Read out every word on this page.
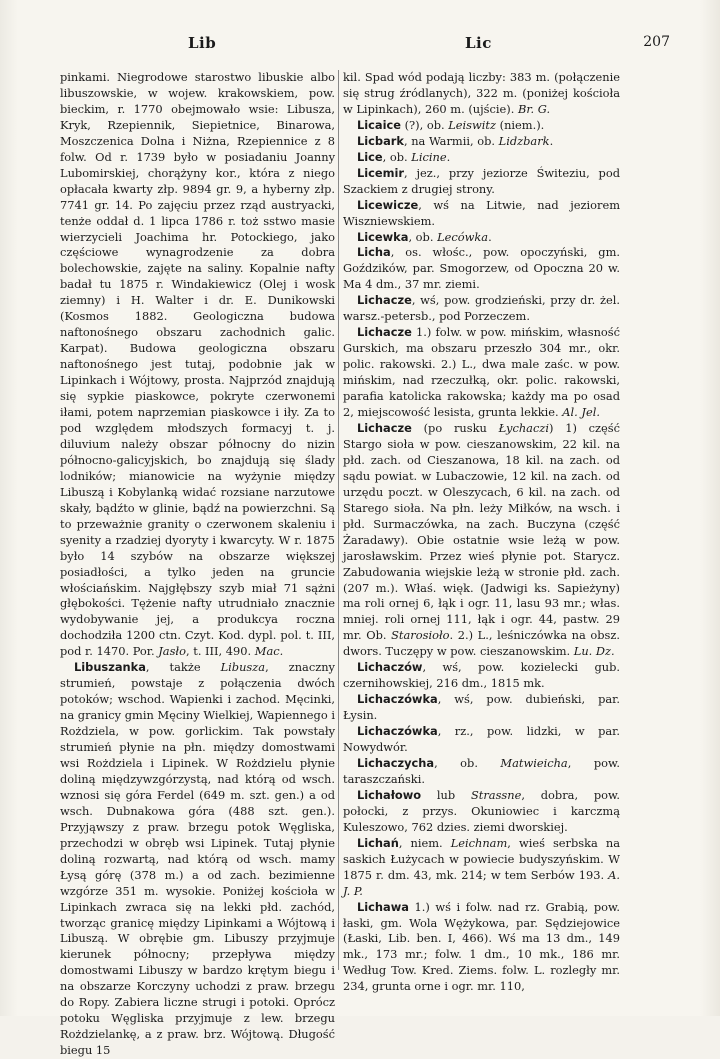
Lib	Lic	207

pinkami. Niegrodowe starostwo libuskie albo libuszowskie, w wojew. krakowskiem, pow. bieckim, r. 1770 obejmowało wsie: Libusza, Kryk, Rzepiennik, Siepietnice, Binarowa, Moszczenica Dolna i Niżna, Rzepiennice z 8 folw. Od r. 1739 było w posiadaniu Joanny Lubomirskiej, chorążyny kor., która z niego opłacała kwarty złp. 9894 gr. 9, a hyberny złp. 7741 gr. 14. Po zajęciu przez rząd austryacki, tenże oddał d. 1 lipca 1786 r. toż sstwo masie wierzycieli Joachima hr. Potockiego, jako częściowe wynagrodzenie za dobra bolechowskie, zajęte na saliny. Kopalnie nafty badał tu 1875 r. Windakiewicz (Olej i wosk ziemny) i H. Walter i dr. E. Dunikowski (Kosmos 1882. Geologiczna budowa naftonośnego obszaru zachodnich galic. Karpat). Budowa geologiczna obszaru naftonośnego jest tutaj, podobnie jak w Lipinkach i Wójtowy, prosta. Najprzód znajdują się sypkie piaskowce, pokryte czerwonemi iłami, potem naprzemian piaskowce i iły. Za to pod względem młodszych formacyj t. j. diluvium należy obszar północny do nizin północno-galicyjskich, bo znajdują się ślady lodników; mianowicie na wyżynie między Libuszą i Kobylanką widać rozsiane narzutowe skały, bądźto w glinie, bądź na powierzchni. Są to przeważnie granity o czerwonem skaleniu i syenity a rzadziej dyoryty i kwarcyty. W r. 1875 było 14 szybów na obszarze większej posiadłości, a tylko jeden na gruncie włościańskim. Najgłębszy szyb miał 71 sążni głębokości. Tężenie nafty utrudniało znacznie wydobywanie jej, a produkcya roczna dochodziła 1200 ctn. Czyt. Kod. dypl. pol. t. III, pod r. 1470. Por. Jasło, t. III, 490. Mac.

Libuszanka, także Libusza, znaczny strumień, powstaje z połączenia dwóch potoków; wschod. Wapienki i zachod. Męcinki, na granicy gmin Męciny Wielkiej, Wapiennego i Rożdziela, w pow. gorlickim. Tak powstały strumień płynie na płn. między domostwami wsi Rożdziela i Lipinek. W Rożdzielu płynie doliną międzywzgórzystą, nad którą od wsch. wznosi się góra Ferdel (649 m. szt. gen.) a od wsch. Dubnakowa góra (488 szt. gen.). Przyjąwszy z praw. brzegu potok Węgliska, przechodzi w obręb wsi Lipinek. Tutaj płynie doliną rozwartą, nad którą od wsch. mamy Łysą górę (378 m.) a od zach. bezimienne wzgórze 351 m. wysokie. Poniżej kościoła w Lipinkach zwraca się na lekki płd. zachód, tworząc granicę między Lipinkami a Wójtową i Libuszą. W obrębie gm. Libuszy przyjmuje kierunek północny; przepływa między domostwami Libuszy w bardzo krętym biegu i na obszarze Korczyny uchodzi z praw. brzegu do Ropy. Zabiera liczne strugi i potoki. Oprócz potoku Węgliska przyjmuje z lew. brzegu Rożdzielankę, a z praw. brz. Wójtową. Długość biegu 15

kil. Spad wód podają liczby: 383 m. (połączenie się strug źródlanych), 322 m. (poniżej kościoła w Lipinkach), 260 m. (ujście). Br. G.

Licaice (?), ob. Leiswitz (niem.).

Licbark, na Warmii, ob. Lidzbark.

Lice, ob. Licine.

Licemir, jez., przy jeziorze Świteziu, pod Szackiem z drugiej strony.

Licewicze, wś na Litwie, nad jeziorem Wiszniewskiem.

Licewka, ob. Lecówka.

Licha, os. włośc., pow. opoczyński, gm. Goździków, par. Smogorzew, od Opoczna 20 w. Ma 4 dm., 37 mr. ziemi.

Lichacze, wś, pow. grodzieński, przy dr. żel. warsz.-petersb., pod Porzeczem.

Lichacze 1.) folw. w pow. mińskim, własność Gurskich, ma obszaru przeszło 304 mr., okr. polic. rakowski. 2.) L., dwa male zaśc. w pow. mińskim, nad rzeczułką, okr. polic. rakowski, parafia katolicka rakowska; każdy ma po osad 2, miejscowość lesista, grunta lekkie. Al. Jel.

Lichacze (po rusku Łychaczi) 1) część Stargo sioła w pow. cieszanowskim, 22 kil. na płd. zach. od Cieszanowa, 18 kil. na zach. od sądu powiat. w Lubaczowie, 12 kil. na zach. od urzędu poczt. w Oleszycach, 6 kil. na zach. od Starego sioła. Na płn. leży Miłków, na wsch. i płd. Surmaczówka, na zach. Buczyna (część Żaradawy). Obie ostatnie wsie leżą w pow. jarosławskim. Przez wieś płynie pot. Starycz. Zabudowania wiejskie leżą w stronie płd. zach. (207 m.). Właś. więk. (Jadwigi ks. Sapieżyny) ma roli ornej 6, łąk i ogr. 11, lasu 93 mr.; włas. mniej. roli ornej 111, łąk i ogr. 44, pastw. 29 mr. Ob. Starosioło. 2.) L., leśniczówka na obsz. dwors. Tuczępy w pow. cieszanowskim. Lu. Dz.

Lichaczów, wś, pow. kozielecki gub. czernihowskiej, 216 dm., 1815 mk.

Lichaczówka, wś, pow. dubieński, par. Łysin.

Lichaczówka, rz., pow. lidzki, w par. Nowydwór.

Lichaczycha, ob. Matwieicha, pow. taraszczański.

Lichałowo lub Strassne, dobra, pow. połocki, z przys. Okuniowiec i karczmą Kuleszowo, 762 dzies. ziemi dworskiej.

Lichań, niem. Leichnam, wieś serbska na saskich Łużycach w powiecie budyszyńskim. W 1875 r. dm. 43, mk. 214; w tem Serbów 193. A. J. P.

Lichawa 1.) wś i folw. nad rz. Grabią, pow. łaski, gm. Wola Wężykowa, par. Sędziejowice (Łaski, Lib. ben. I, 466). Wś ma 13 dm., 149 mk., 173 mr.; folw. 1 dm., 10 mk., 186 mr. Według Tow. Kred. Ziems. folw. L. rozległy mr. 234, grunta orne i ogr. mr. 110,
